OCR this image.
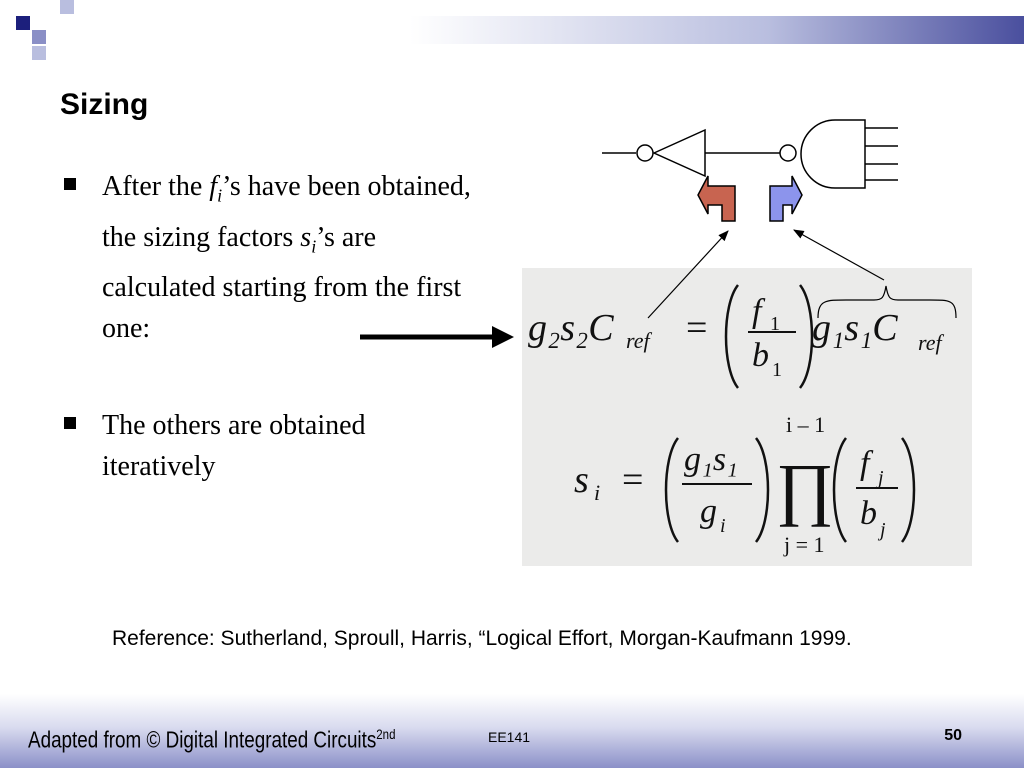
Sizing
After the $f_i’s$ have been obtained, the sizing factors $s_i’s$ are calculated starting from the first one:
The others are obtained iteratively
g₂s₂C ref = f 1
b 1
g₁s₁C ref
s i = g₁s₁
g i
i – 1
∏
j = 1
f j
b j

Reference: Sutherland, Sproull, Harris, “Logical Effort, Morgan-Kaufmann 1999.

Adapted from © Digital Integrated Circuits$^{2nd}$	EE141	50
